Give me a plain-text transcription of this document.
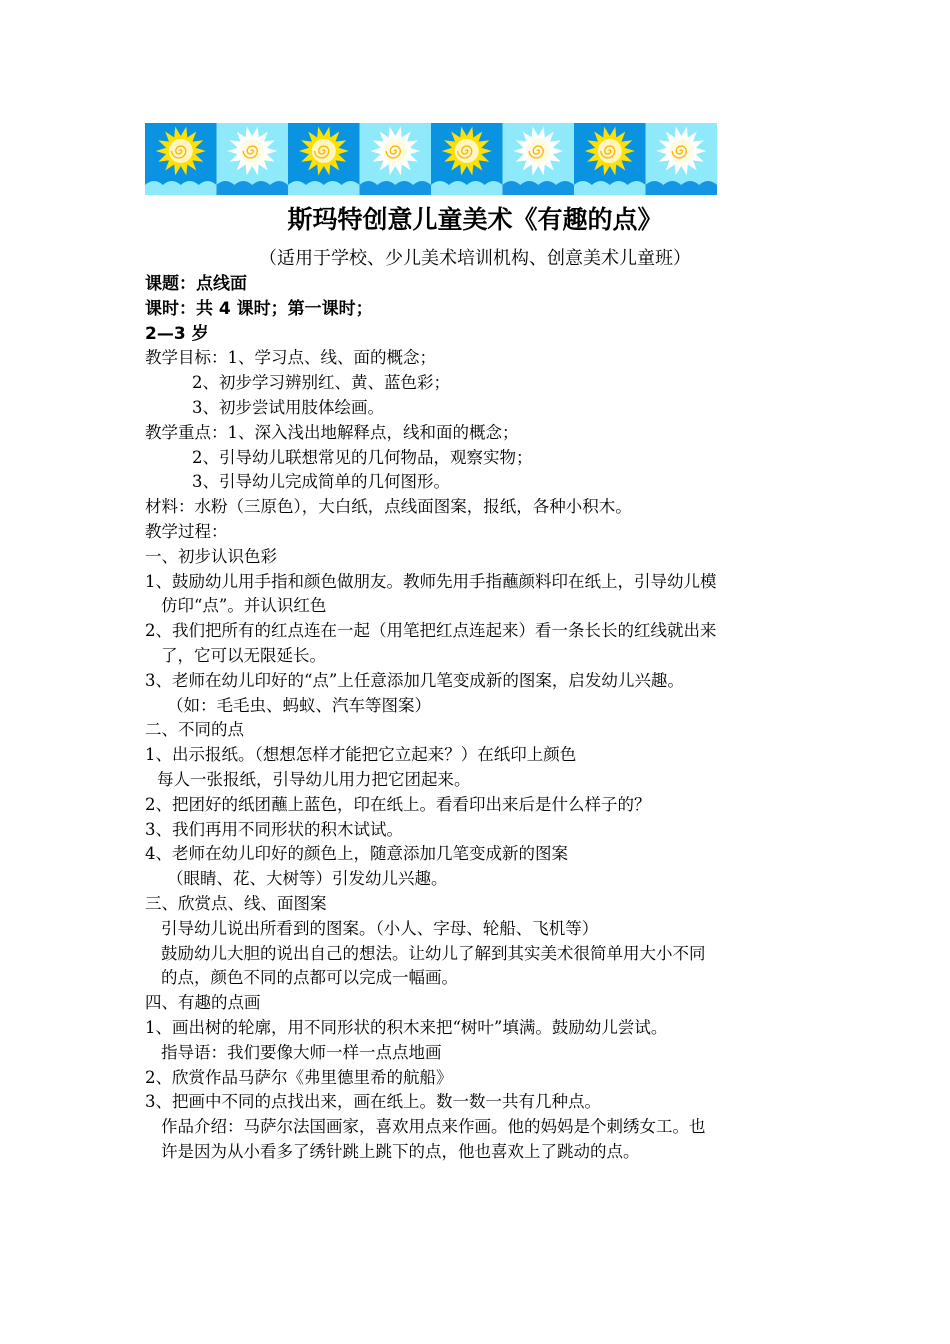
斯玛特创意儿童美术《有趣的点》
（适用于学校、少儿美术培训机构、创意美术儿童班）
课题：点线面
课时：共 4 课时；第一课时；
2—3 岁
教学目标：1、学习点、线、面的概念；
2、初步学习辨别红、黄、蓝色彩；
3、初步尝试用肢体绘画。
教学重点：1、深入浅出地解释点，线和面的概念；
2、引导幼儿联想常见的几何物品，观察实物；
3、引导幼儿完成简单的几何图形。
材料：水粉（三原色），大白纸，点线面图案，报纸，各种小积木。
教学过程：
一、初步认识色彩
1、鼓励幼儿用手指和颜色做朋友。教师先用手指蘸颜料印在纸上，引导幼儿模
仿印“点”。并认识红色
2、我们把所有的红点连在一起（用笔把红点连起来）看一条长长的红线就出来
了，它可以无限延长。
3、老师在幼儿印好的“点”上任意添加几笔变成新的图案，启发幼儿兴趣。
（如：毛毛虫、蚂蚁、汽车等图案）
二、不同的点
1、出示报纸。（想想怎样才能把它立起来？）在纸印上颜色
每人一张报纸，引导幼儿用力把它团起来。
2、把团好的纸团蘸上蓝色，印在纸上。看看印出来后是什么样子的？
3、我们再用不同形状的积木试试。
4、老师在幼儿印好的颜色上，随意添加几笔变成新的图案
（眼睛、花、大树等）引发幼儿兴趣。
三、欣赏点、线、面图案
引导幼儿说出所看到的图案。（小人、字母、轮船、飞机等）
鼓励幼儿大胆的说出自己的想法。让幼儿了解到其实美术很简单用大小不同
的点，颜色不同的点都可以完成一幅画。
四、有趣的点画
1、画出树的轮廓，用不同形状的积木来把“树叶”填满。鼓励幼儿尝试。
指导语：我们要像大师一样一点点地画
2、欣赏作品马萨尔《弗里德里希的航船》
3、把画中不同的点找出来，画在纸上。数一数一共有几种点。
作品介绍：马萨尔法国画家，喜欢用点来作画。他的妈妈是个刺绣女工。也
许是因为从小看多了绣针跳上跳下的点，他也喜欢上了跳动的点。
